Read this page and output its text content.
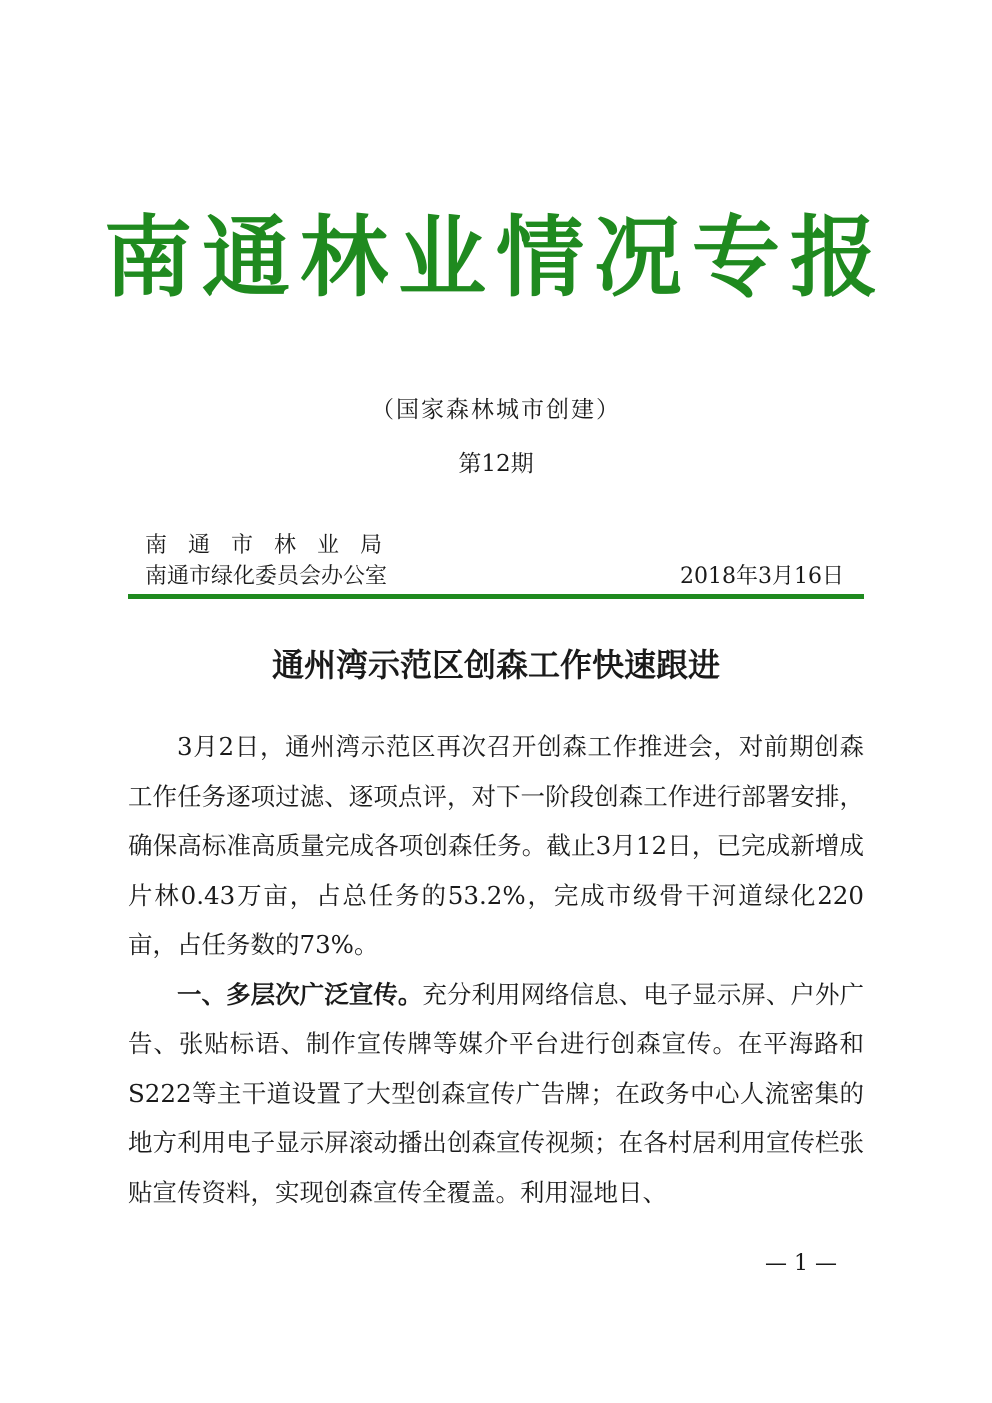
南通林业情况专报
（国家森林城市创建）
第12期
南通市林业局
南通市绿化委员会办公室	2018年3月16日
通州湾示范区创森工作快速跟进

3月2日，通州湾示范区再次召开创森工作推进会，对前期创森工作任务逐项过滤、逐项点评，对下一阶段创森工作进行部署安排，确保高标准高质量完成各项创森任务。截止3月12日，已完成新增成片林0.43万亩，占总任务的53.2%，完成市级骨干河道绿化220亩，占任务数的73%。

一、多层次广泛宣传。充分利用网络信息、电子显示屏、户外广告、张贴标语、制作宣传牌等媒介平台进行创森宣传。在平海路和S222等主干道设置了大型创森宣传广告牌；在政务中心人流密集的地方利用电子显示屏滚动播出创森宣传视频；在各村居利用宣传栏张贴宣传资料，实现创森宣传全覆盖。利用湿地日、

— 1 —
